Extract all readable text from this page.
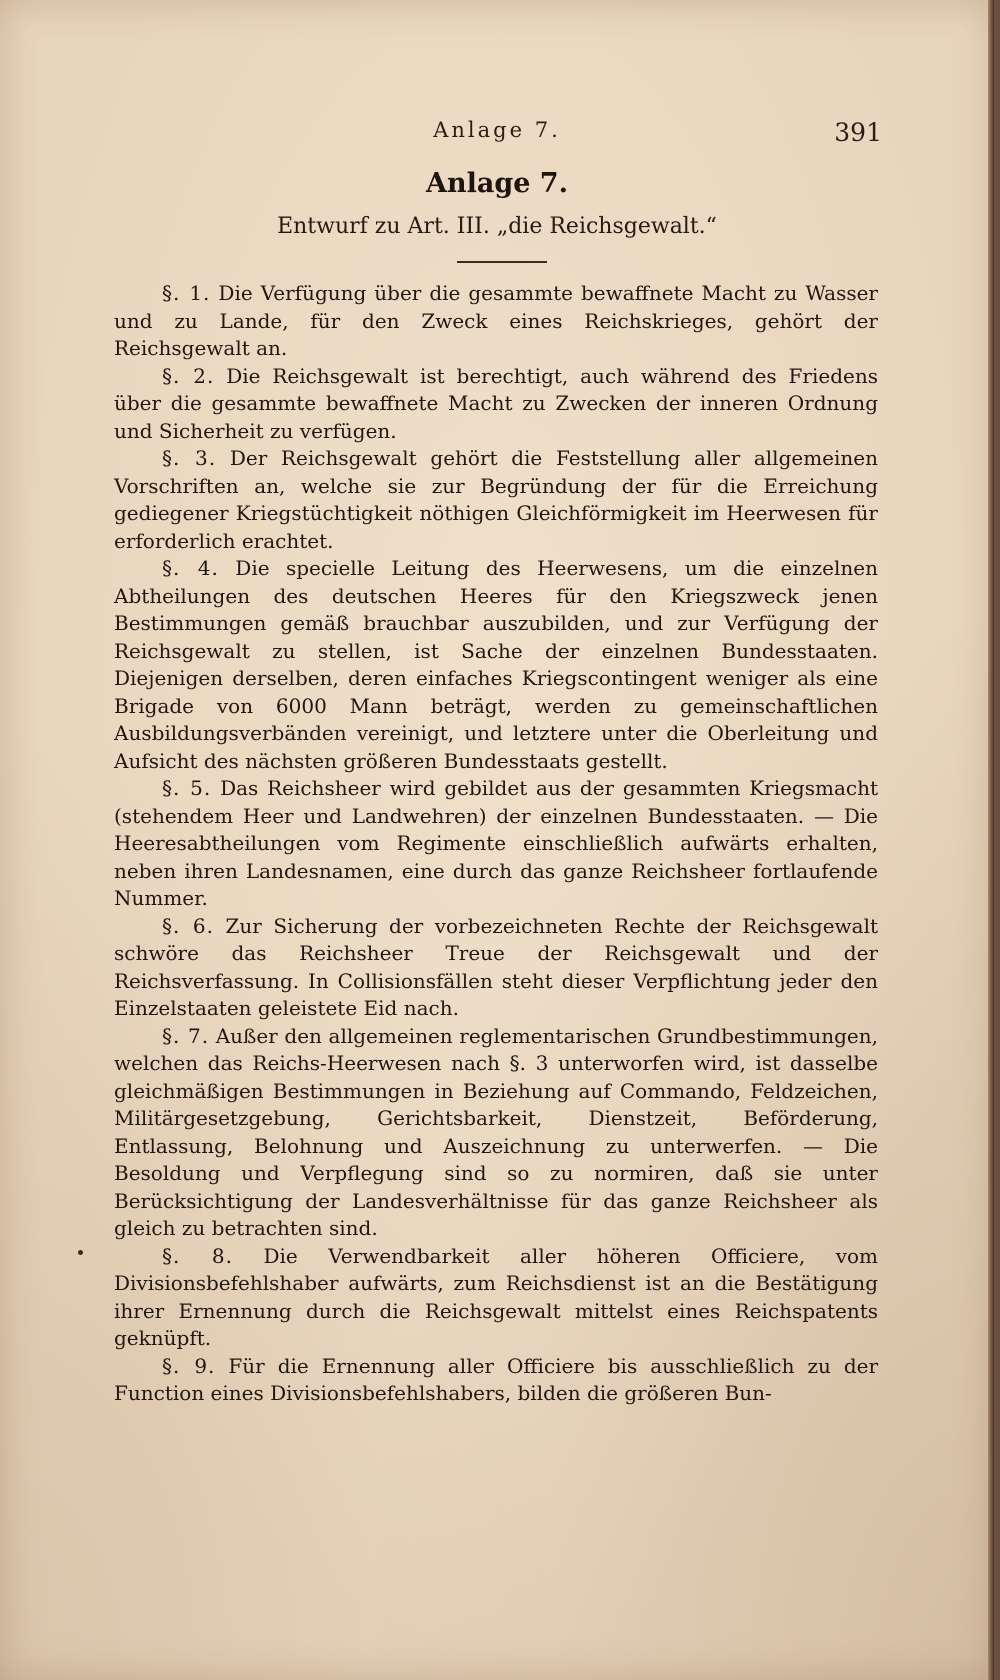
Anlage 7.	391
Anlage 7.
Entwurf zu Art. III. „die Reichsgewalt.“

§. 1. Die Verfügung über die gesammte bewaffnete Macht zu Wasser und zu Lande, für den Zweck eines Reichskrieges, gehört der Reichsgewalt an.

§. 2. Die Reichsgewalt ist berechtigt, auch während des Friedens über die gesammte bewaffnete Macht zu Zwecken der inneren Ordnung und Sicherheit zu verfügen.

§. 3. Der Reichsgewalt gehört die Feststellung aller allgemeinen Vorschriften an, welche sie zur Begründung der für die Erreichung gediegener Kriegstüchtigkeit nöthigen Gleichförmigkeit im Heerwesen für erforderlich erachtet.

§. 4. Die specielle Leitung des Heerwesens, um die einzelnen Abtheilungen des deutschen Heeres für den Kriegszweck jenen Bestimmungen gemäß brauchbar auszubilden, und zur Verfügung der Reichsgewalt zu stellen, ist Sache der einzelnen Bundesstaaten. Diejenigen derselben, deren einfaches Kriegscontingent weniger als eine Brigade von 6000 Mann beträgt, werden zu gemeinschaftlichen Ausbildungsverbänden vereinigt, und letztere unter die Oberleitung und Aufsicht des nächsten größeren Bundesstaats gestellt.

§. 5. Das Reichsheer wird gebildet aus der gesammten Kriegsmacht (stehendem Heer und Landwehren) der einzelnen Bundesstaaten. — Die Heeresabtheilungen vom Regimente einschließlich aufwärts erhalten, neben ihren Landesnamen, eine durch das ganze Reichsheer fortlaufende Nummer.

§. 6. Zur Sicherung der vorbezeichneten Rechte der Reichsgewalt schwöre das Reichsheer Treue der Reichsgewalt und der Reichsverfassung. In Collisionsfällen steht dieser Verpflichtung jeder den Einzelstaaten geleistete Eid nach.

§. 7. Außer den allgemeinen reglementarischen Grundbestimmungen, welchen das Reichs-Heerwesen nach §. 3 unterworfen wird, ist dasselbe gleichmäßigen Bestimmungen in Beziehung auf Commando, Feldzeichen, Militärgesetzgebung, Gerichtsbarkeit, Dienstzeit, Beförderung, Entlassung, Belohnung und Auszeichnung zu unterwerfen. — Die Besoldung und Verpflegung sind so zu normiren, daß sie unter Berücksichtigung der Landesverhältnisse für das ganze Reichsheer als gleich zu betrachten sind.

§. 8. Die Verwendbarkeit aller höheren Officiere, vom Divisionsbefehlshaber aufwärts, zum Reichsdienst ist an die Bestätigung ihrer Ernennung durch die Reichsgewalt mittelst eines Reichspatents geknüpft.

§. 9. Für die Ernennung aller Officiere bis ausschließlich zu der Function eines Divisionsbefehlshabers, bilden die größeren Bun-
